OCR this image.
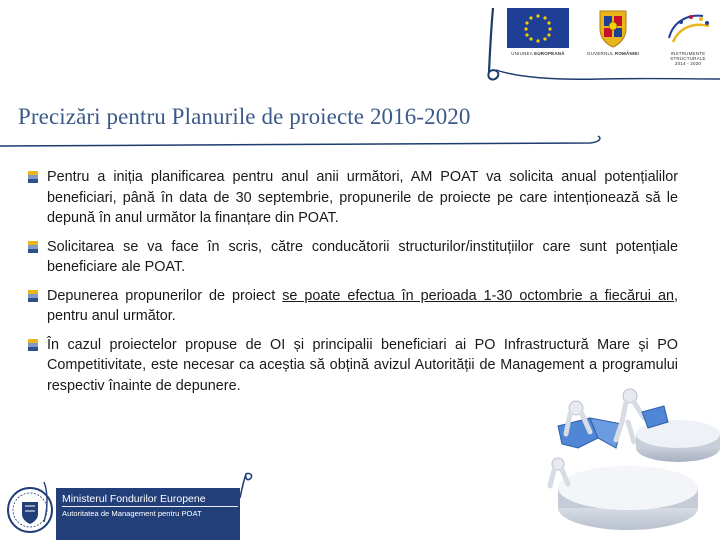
UNIUNEA EUROPEANĂ	GUVERNUL ROMÂNIEI	INSTRUMENTE STRUCTURALE
2014 - 2020
Precizări pentru Planurile de proiecte 2016-2020
Pentru a iniția planificarea pentru anul anii următori, AM POAT va solicita anual potențialilor beneficiari, până în data de 30 septembrie, propunerile de proiecte pe care intenționează să le depună în anul următor la finanțare din POAT.
Solicitarea se va face în scris, către conducătorii structurilor/instituțiilor care sunt potențiale beneficiare ale POAT.
Depunerea propunerilor de proiect se poate efectua în perioada 1-30 octombrie a fiecărui an, pentru anul următor.
În cazul proiectelor propuse de OI și principalii beneficiari ai PO Infrastructură Mare și PO Competitivitate, este necesar ca aceștia să obțină avizul Autorității de Management a programului respectiv înainte de depunere.
Ministerul Fondurilor Europene
Autoritatea de Management pentru POAT
